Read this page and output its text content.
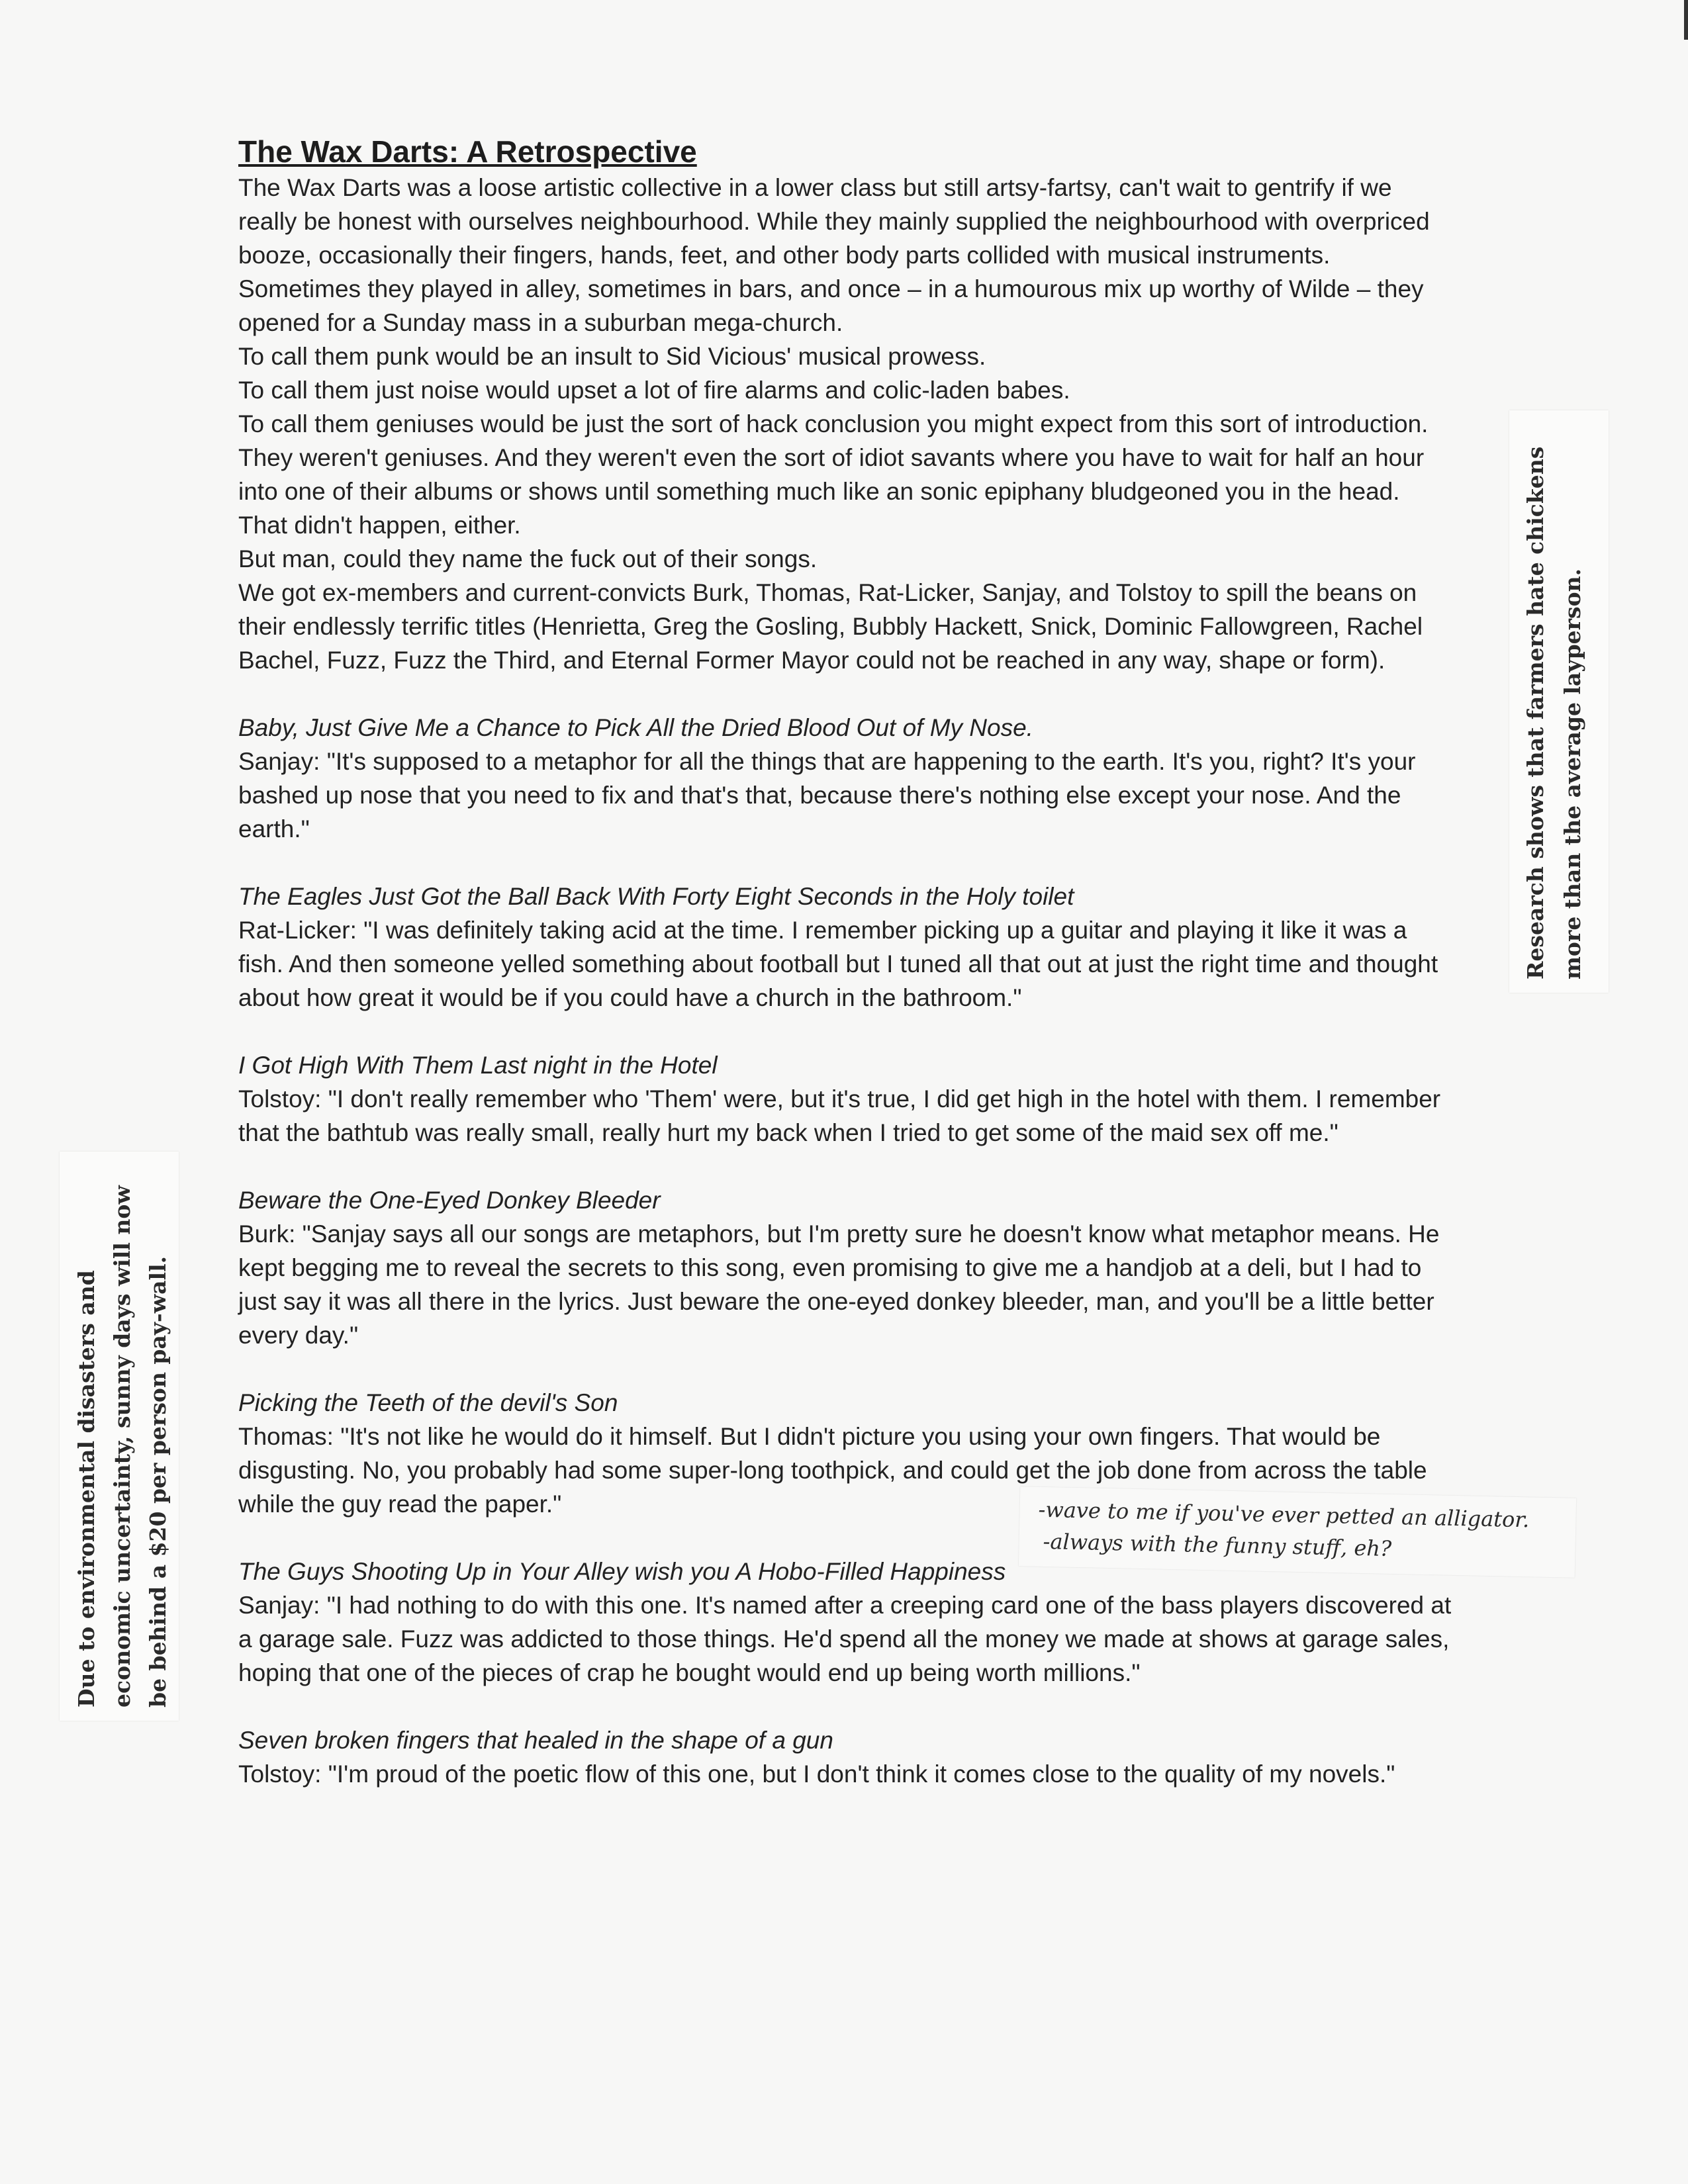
The Wax Darts: A Retrospective

The Wax Darts was a loose artistic collective in a lower class but still artsy-fartsy, can't wait to gentrify if we really be honest with ourselves neighbourhood. While they mainly supplied the neighbourhood with overpriced booze, occasionally their fingers, hands, feet, and other body parts collided with musical instruments. Sometimes they played in alley, sometimes in bars, and once – in a humourous mix up worthy of Wilde – they opened for a Sunday mass in a suburban mega-church.

To call them punk would be an insult to Sid Vicious' musical prowess.

To call them just noise would upset a lot of fire alarms and colic-laden babes.

To call them geniuses would be just the sort of hack conclusion you might expect from this sort of introduction. They weren't geniuses. And they weren't even the sort of idiot savants where you have to wait for half an hour into one of their albums or shows until something much like an sonic epiphany bludgeoned you in the head.

That didn't happen, either.

But man, could they name the fuck out of their songs.

We got ex-members and current-convicts Burk, Thomas, Rat-Licker, Sanjay, and Tolstoy to spill the beans on their endlessly terrific titles (Henrietta, Greg the Gosling, Bubbly Hackett, Snick, Dominic Fallowgreen, Rachel Bachel, Fuzz, Fuzz the Third, and Eternal Former Mayor could not be reached in any way, shape or form).

Baby, Just Give Me a Chance to Pick All the Dried Blood Out of My Nose.

Sanjay : "It's supposed to a metaphor for all the things that are happening to the earth. It's you, right? It's your bashed up nose that you need to fix and that's that, because there's nothing else except your nose. And the earth."

The Eagles Just Got the Ball Back With Forty Eight Seconds in the Holy toilet

Rat-Licker : "I was definitely taking acid at the time. I remember picking up a guitar and playing it like it was a fish. And then someone yelled something about football but I tuned all that out at just the right time and thought about how great it would be if you could have a church in the bathroom."

I Got High With Them Last night in the Hotel

Tolstoy : "I don't really remember who 'Them' were, but it's true, I did get high in the hotel with them. I remember that the bathtub was really small, really hurt my back when I tried to get some of the maid sex off me."

Beware the One-Eyed Donkey Bleeder

Burk : "Sanjay says all our songs are metaphors, but I'm pretty sure he doesn't know what metaphor means. He kept begging me to reveal the secrets to this song, even promising to give me a handjob at a deli, but I had to just say it was all there in the lyrics. Just beware the one-eyed donkey bleeder, man, and you'll be a little better every day."

Picking the Teeth of the devil's Son

Thomas : "It's not like he would do it himself. But I didn't picture you using your own fingers. That would be disgusting. No, you probably had some super-long toothpick, and could get the job done from across the table while the guy read the paper."

The Guys Shooting Up in Your Alley wish you A Hobo-Filled Happiness

Sanjay : "I had nothing to do with this one. It's named after a creeping card one of the bass players discovered at a garage sale. Fuzz was addicted to those things. He'd spend all the money we made at shows at garage sales, hoping that one of the pieces of crap he bought would end up being worth millions."

Seven broken fingers that healed in the shape of a gun

Tolstoy : "I'm proud of the poetic flow of this one, but I don't think it comes close to the quality of my novels."

Research shows that farmers hate chickens more than the average layperson.
Due to environmental disasters and economic uncertainty, sunny days will now be behind a $20 per person pay-wall.	-wave to me if you've ever petted an alligator.
-always with the funny stuff, eh?
